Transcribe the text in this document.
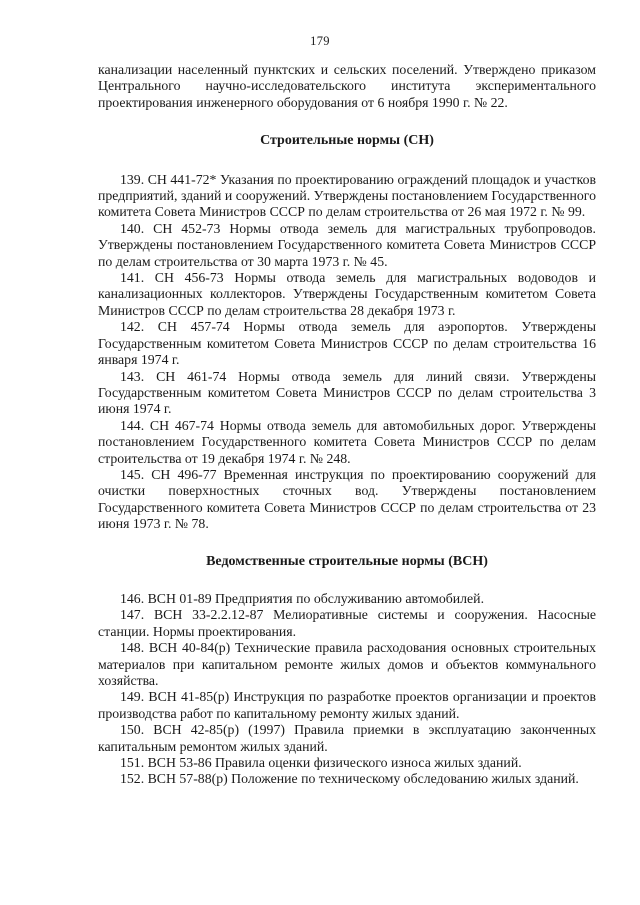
179

канализации населенный пунктских и сельских поселений. Утверждено приказом Центрального научно-исследовательского института экспериментального проектирования инженерного оборудования от 6 ноября 1990 г. № 22.

Строительные нормы (СН)

139. СН 441-72* Указания по проектированию ограждений площадок и участков предприятий, зданий и сооружений. Утверждены постановлением Государственного комитета Совета Министров СССР по делам строительства от 26 мая 1972 г. № 99.

140. СН 452-73 Нормы отвода земель для магистральных трубопроводов. Утверждены постановлением Государственного комитета Совета Министров СССР по делам строительства от 30 марта 1973 г. № 45.

141. СН 456-73 Нормы отвода земель для магистральных водоводов и канализационных коллекторов. Утверждены Государственным комитетом Совета Министров СССР по делам строительства 28 декабря 1973 г.

142. СН 457-74 Нормы отвода земель для аэропортов. Утверждены Государственным комитетом Совета Министров СССР по делам строительства 16 января 1974 г.

143. СН 461-74 Нормы отвода земель для линий связи. Утверждены Государственным комитетом Совета Министров СССР по делам строительства 3 июня 1974 г.

144. СН 467-74 Нормы отвода земель для автомобильных дорог. Утверждены постановлением Государственного комитета Совета Министров СССР по делам строительства от 19 декабря 1974 г. № 248.

145. СН 496-77 Временная инструкция по проектированию сооружений для очистки поверхностных сточных вод. Утверждены постановлением Государственного комитета Совета Министров СССР по делам строительства от 23 июня 1973 г. № 78.

Ведомственные строительные нормы (ВСН)

146. ВСН 01-89 Предприятия по обслуживанию автомобилей.

147. ВСН 33-2.2.12-87 Мелиоративные системы и сооружения. Насосные станции. Нормы проектирования.

148. ВСН 40-84(р) Технические правила расходования основных строительных материалов при капитальном ремонте жилых домов и объектов коммунального хозяйства.

149. ВСН 41-85(р) Инструкция по разработке проектов организации и проектов производства работ по капитальному ремонту жилых зданий.

150. ВСН 42-85(р) (1997) Правила приемки в эксплуатацию законченных капитальным ремонтом жилых зданий.

151. ВСН 53-86 Правила оценки физического износа жилых зданий.

152. ВСН 57-88(р) Положение по техническому обследованию жилых зданий.
